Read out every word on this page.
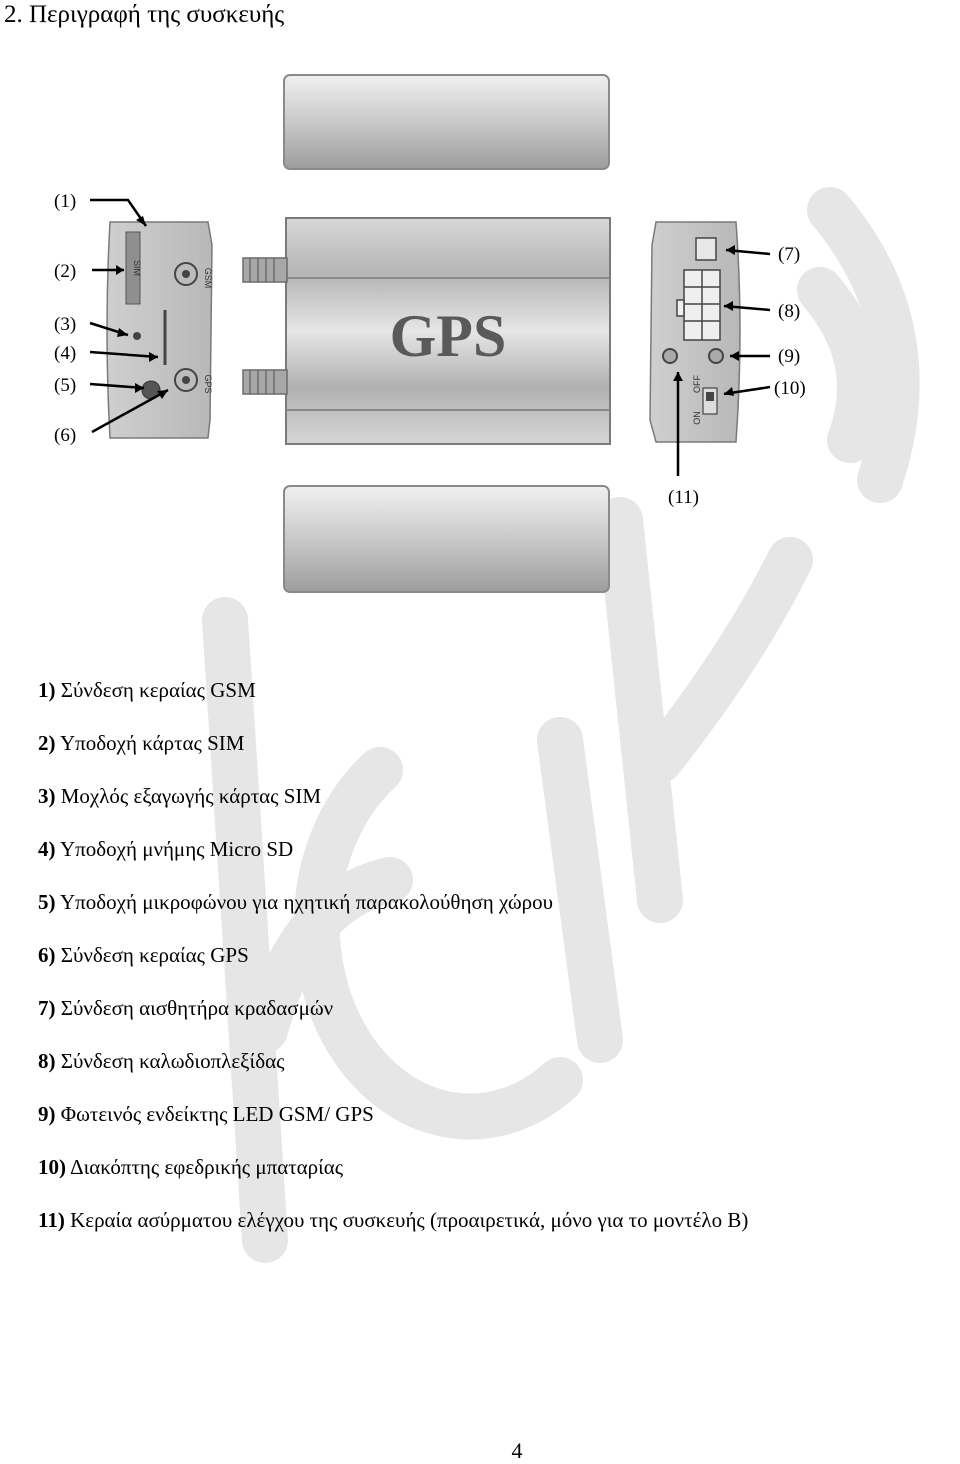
2. Περιγραφή της συσκευής
GPS
SIM	GSM
GPS
ON
OFF
(1)
(2)
(3)
(4)
(5)
(6)
(7)
(8)
(9)
(10)
(11)
1) Σύνδεση κεραίας GSM
2) Υποδοχή κάρτας SIM
3) Μοχλός εξαγωγής κάρτας SIM
4) Υποδοχή μνήμης Micro SD
5) Υποδοχή μικροφώνου για ηχητική παρακολούθηση χώρου
6) Σύνδεση κεραίας GPS
7) Σύνδεση αισθητήρα κραδασμών
8) Σύνδεση καλωδιοπλεξίδας
9) Φωτεινός ενδείκτης LED GSM/ GPS
10) Διακόπτης εφεδρικής μπαταρίας
11) Κεραία ασύρματου ελέγχου της συσκευής (προαιρετικά, μόνο για το μοντέλο B)
4
